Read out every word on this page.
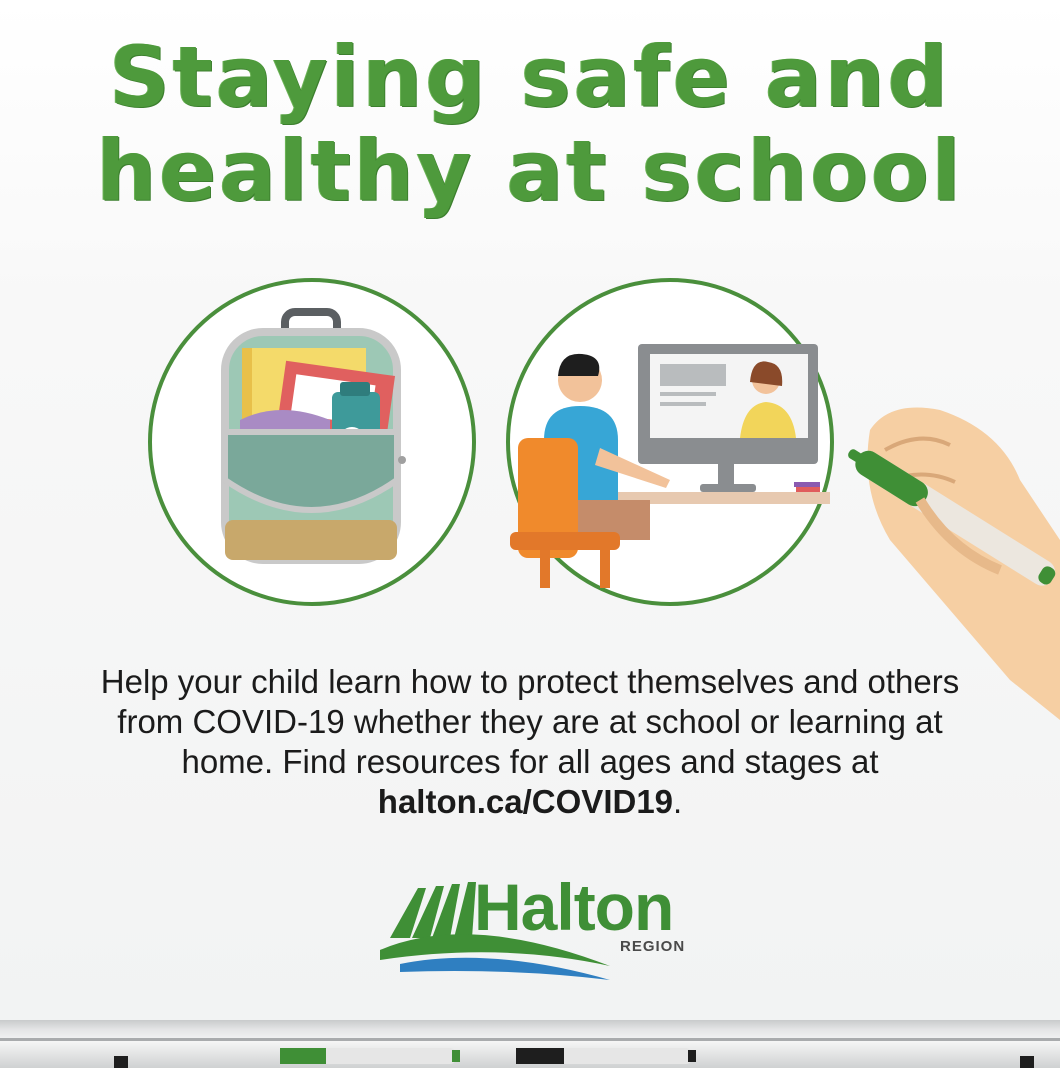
Staying safe and
healthy at school
Help your child learn how to protect themselves and others from COVID-19 whether they are at school or learning at home. Find resources for all ages and stages at halton.ca/COVID19.
Halton
REGION
